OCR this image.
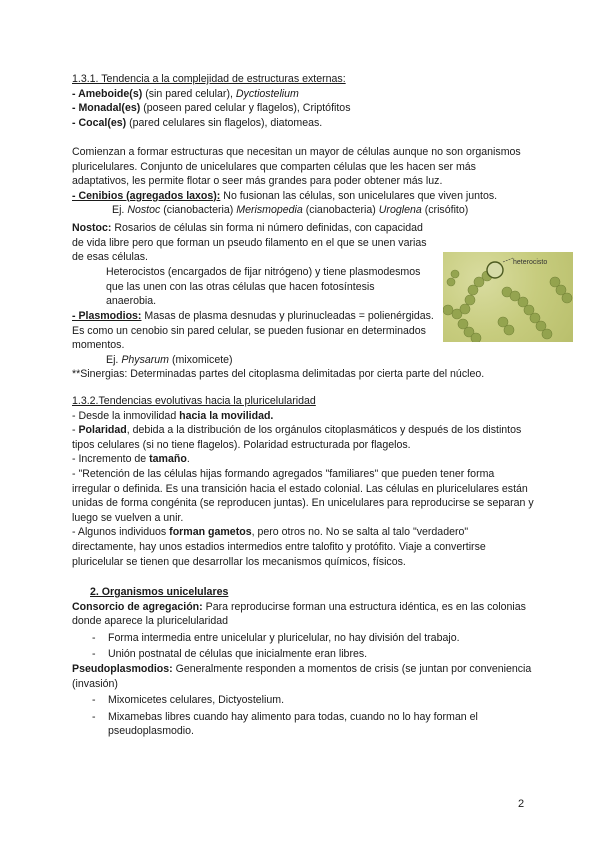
1.3.1. Tendencia a la complejidad de estructuras externas:

- Ameboide(s) (sin pared celular), Dyctiostelium

- Monadal(es) (poseen pared celular y flagelos), Criptófitos

- Cocal(es) (pared celulares sin flagelos), diatomeas.

Comienzan a formar estructuras que necesitan un mayor de células aunque no son organismos pluricelulares. Conjunto de unicelulares que comparten células que les hacen ser más adaptativos, les permite flotar o seer más grandes para poder obtener más luz.

- Cenibios (agregados laxos): No fusionan las células, son unicelulares que viven juntos.

Ej. Nostoc (cianobacteria) Merismopedia (cianobacteria) Uroglena (crisófito)

Nostoc: Rosarios de células sin forma ni número definidas, con capacidad de vida libre pero que forman un pseudo filamento en el que se unen varias de esas células.

Heterocistos (encargados de fijar nitrógeno) y tiene plasmodesmos que las unen con las otras células que hacen fotosíntesis anaerobia.

- Plasmodios: Masas de plasma desnudas y plurinucleadas = polienérgidas. Es como un cenobio sin pared celular, se pueden fusionar en determinados momentos.

Ej. Physarum (mixomicete)

**Sinergias: Determinadas partes del citoplasma delimitadas por cierta parte del núcleo.

heterocisto

1.3.2.Tendencias evolutivas hacia la pluricelularidad

- Desde la inmovilidad hacia la movilidad.

- Polaridad, debida a la distribución de los orgánulos citoplasmáticos y después de los distintos tipos celulares (si no tiene flagelos). Polaridad estructurada por flagelos.

- Incremento de tamaño.

- "Retención de las células hijas formando agregados "familiares" que pueden tener forma irregular o definida. Es una transición hacia el estado colonial. Las células en pluricelulares están unidas de forma congénita (se reproducen juntas). En unicelulares para reproducirse se separan y luego se vuelven a unir.

- Algunos individuos forman gametos, pero otros no. No se salta al talo "verdadero" directamente, hay unos estadios intermedios entre talofito y protófito. Viaje a convertirse pluricelular se tienen que desarrollar los mecanismos químicos, físicos.

2. Organismos unicelulares

Consorcio de agregación: Para reproducirse forman una estructura idéntica, es en las colonias donde aparece la pluricelularidad

- Forma intermedia entre unicelular y pluricelular, no hay división del trabajo.

- Unión postnatal de células que inicialmente eran libres.

Pseudoplasmodios: Generalmente responden a momentos de crisis (se juntan por conveniencia (invasión)

- Mixomicetes celulares, Dictyostelium.

- Mixamebas libres cuando hay alimento para todas, cuando no lo hay forman el pseudoplasmodio.

2
